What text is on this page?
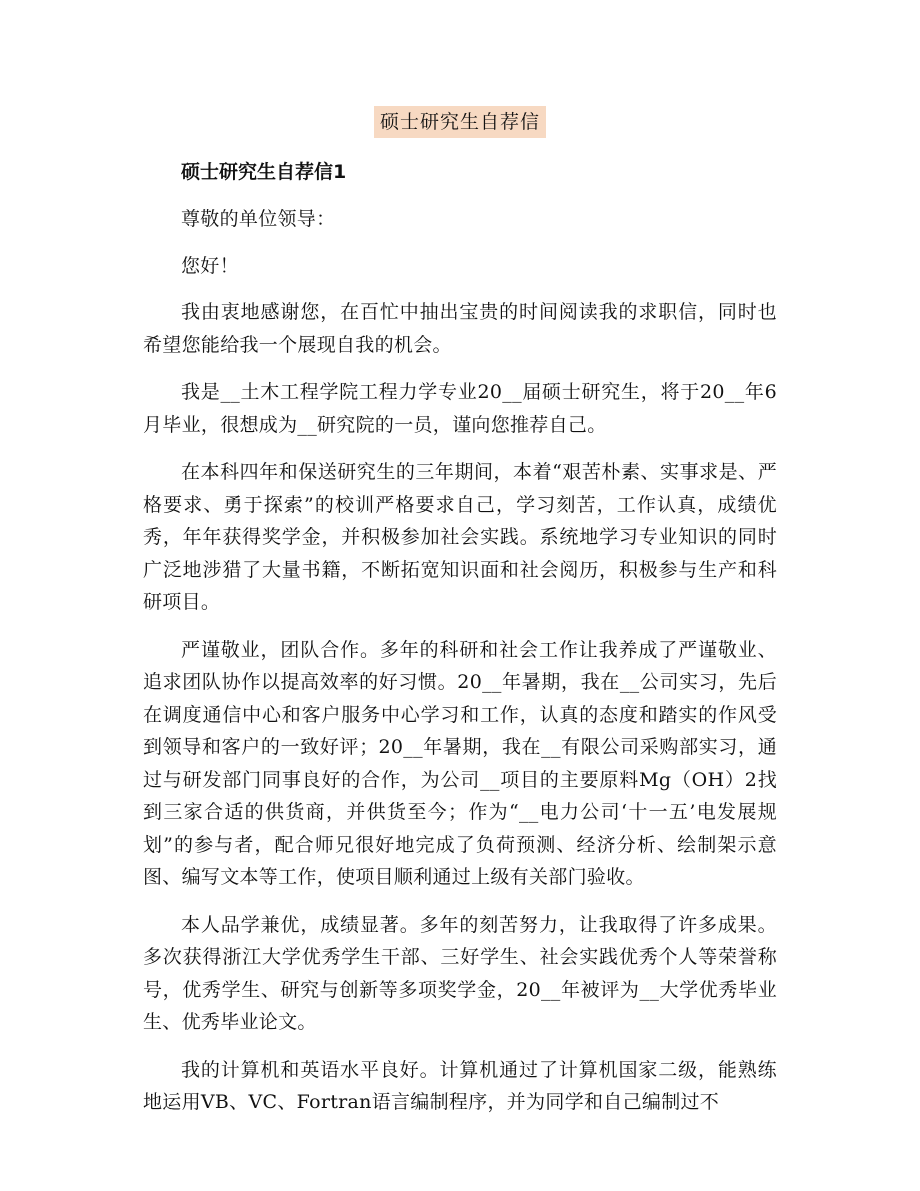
硕士研究生自荐信
硕士研究生自荐信1

尊敬的单位领导：

您好！

我由衷地感谢您，在百忙中抽出宝贵的时间阅读我的求职信，同时也希望您能给我一个展现自我的机会。

我是__土木工程学院工程力学专业20__届硕士研究生，将于20__年6月毕业，很想成为__研究院的一员，谨向您推荐自己。

在本科四年和保送研究生的三年期间，本着“艰苦朴素、实事求是、严格要求、勇于探索”的校训严格要求自己，学习刻苦，工作认真，成绩优秀，年年获得奖学金，并积极参加社会实践。系统地学习专业知识的同时广泛地涉猎了大量书籍，不断拓宽知识面和社会阅历，积极参与生产和科研项目。

严谨敬业，团队合作。多年的科研和社会工作让我养成了严谨敬业、追求团队协作以提高效率的好习惯。20__年暑期，我在__公司实习，先后在调度通信中心和客户服务中心学习和工作，认真的态度和踏实的作风受到领导和客户的一致好评；20__年暑期，我在__有限公司采购部实习，通过与研发部门同事良好的合作，为公司__项目的主要原料Mg（OH）2找到三家合适的供货商，并供货至今；作为“__电力公司‘十一五’电发展规划”的参与者，配合师兄很好地完成了负荷预测、经济分析、绘制架示意图、编写文本等工作，使项目顺利通过上级有关部门验收。

本人品学兼优，成绩显著。多年的刻苦努力，让我取得了许多成果。多次获得浙江大学优秀学生干部、三好学生、社会实践优秀个人等荣誉称号，优秀学生、研究与创新等多项奖学金，20__年被评为__大学优秀毕业生、优秀毕业论文。

我的计算机和英语水平良好。计算机通过了计算机国家二级，能熟练地运用VB、VC、Fortran语言编制程序，并为同学和自己编制过不
